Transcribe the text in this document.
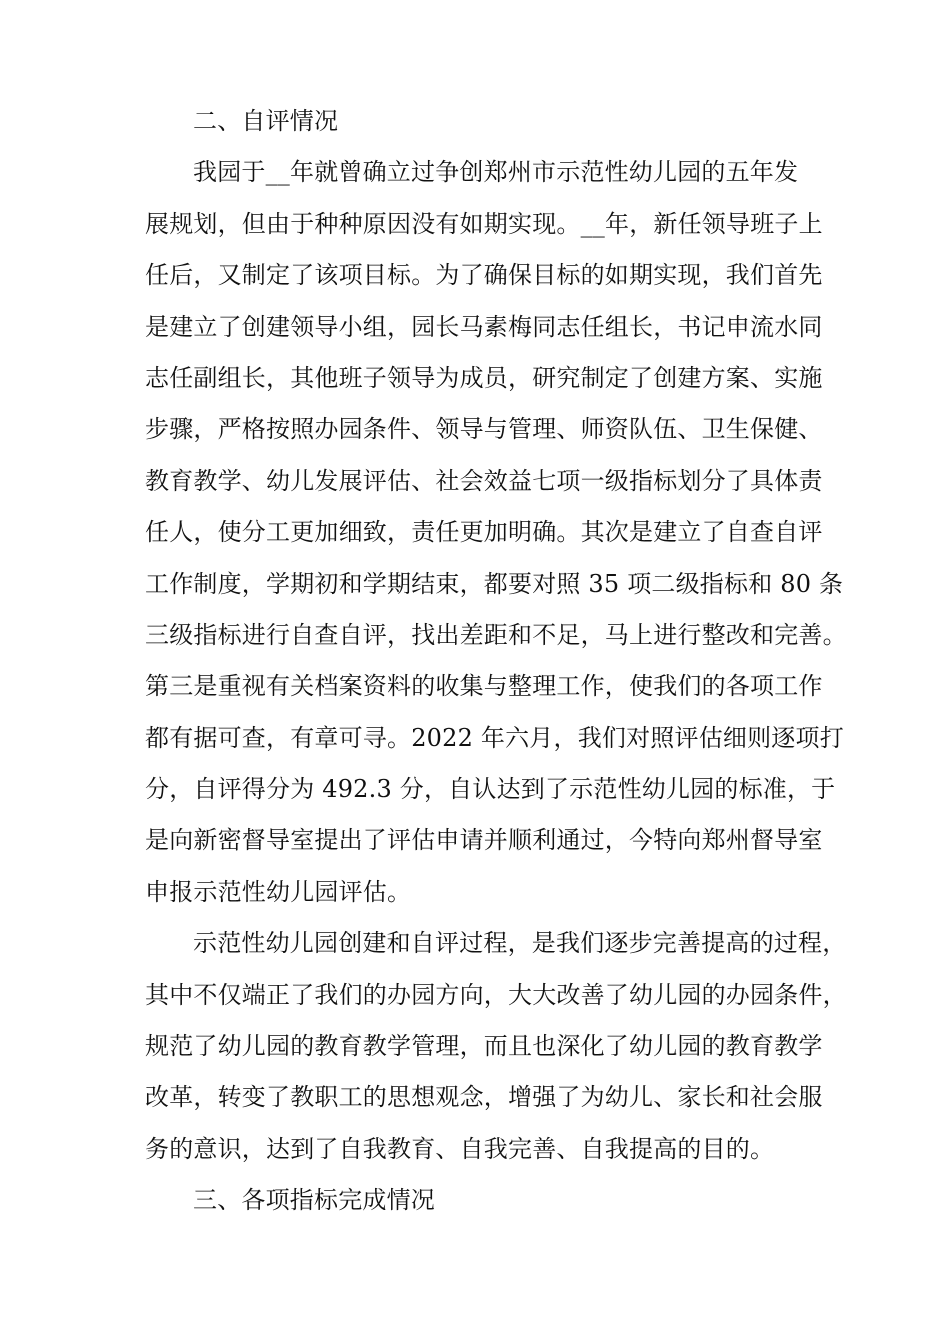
二、自评情况
我园于__年就曾确立过争创郑州市示范性幼儿园的五年发
展规划，但由于种种原因没有如期实现。__年，新任领导班子上
任后，又制定了该项目标。为了确保目标的如期实现，我们首先
是建立了创建领导小组，园长马素梅同志任组长，书记申流水同
志任副组长，其他班子领导为成员，研究制定了创建方案、实施
步骤，严格按照办园条件、领导与管理、师资队伍、卫生保健、
教育教学、幼儿发展评估、社会效益七项一级指标划分了具体责
任人，使分工更加细致，责任更加明确。其次是建立了自查自评
工作制度，学期初和学期结束，都要对照 35 项二级指标和 80 条
三级指标进行自查自评，找出差距和不足，马上进行整改和完善。
第三是重视有关档案资料的收集与整理工作，使我们的各项工作
都有据可查，有章可寻。2022 年六月，我们对照评估细则逐项打
分，自评得分为 492.3 分，自认达到了示范性幼儿园的标准，于
是向新密督导室提出了评估申请并顺利通过，今特向郑州督导室
申报示范性幼儿园评估。
示范性幼儿园创建和自评过程，是我们逐步完善提高的过程，
其中不仅端正了我们的办园方向，大大改善了幼儿园的办园条件，
规范了幼儿园的教育教学管理，而且也深化了幼儿园的教育教学
改革，转变了教职工的思想观念，增强了为幼儿、家长和社会服
务的意识，达到了自我教育、自我完善、自我提高的目的。
三、各项指标完成情况
